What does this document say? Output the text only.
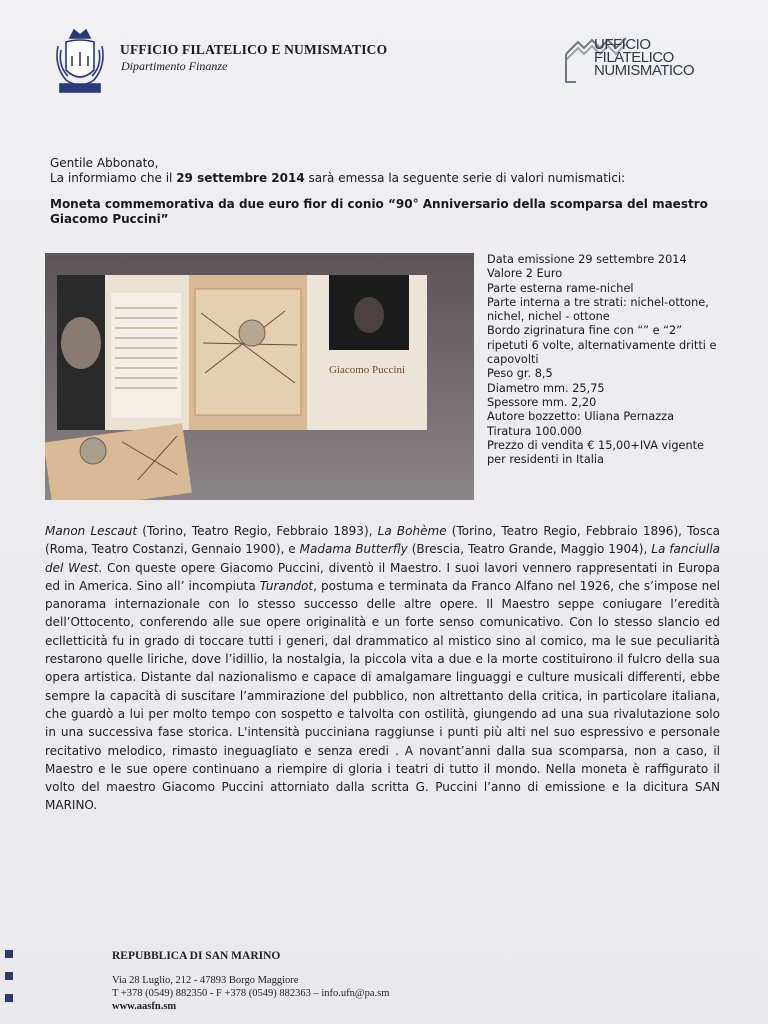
UFFICIO FILATELICO E NUMISMATICO
Dipartimento Finanze
UFFICIO
FILATELICO
NUMISMATICO
Gentile Abbonato,
La informiamo che il 29 settembre 2014 sarà emessa la seguente serie di valori numismatici:
Moneta commemorativa da due euro fior di conio “90° Anniversario della scomparsa del maestro Giacomo Puccini”
Giacomo Puccini
Data emissione 29 settembre 2014
Valore 2 Euro
Parte esterna rame-nichel
Parte interna a tre strati: nichel-ottone, nichel, nichel - ottone
Bordo zigrinatura fine con “” e “2” ripetuti 6 volte, alternativamente dritti e capovolti
Peso gr. 8,5
Diametro mm. 25,75
Spessore mm. 2,20
Autore bozzetto: Uliana Pernazza
Tiratura 100.000
Prezzo di vendita € 15,00+IVA vigente per residenti in Italia
Manon Lescaut (Torino, Teatro Regio, Febbraio 1893), La Bohème (Torino, Teatro Regio, Febbraio 1896), Tosca (Roma, Teatro Costanzi, Gennaio 1900), e Madama Butterfly (Brescia, Teatro Grande, Maggio 1904), La fanciulla del West. Con queste opere Giacomo Puccini, diventò il Maestro. I suoi lavori vennero rappresentati in Europa ed in America. Sino all’ incompiuta Turandot, postuma e terminata da Franco Alfano nel 1926, che s’impose nel panorama internazionale con lo stesso successo delle altre opere. Il Maestro seppe coniugare l’eredità dell’Ottocento, conferendo alle sue opere originalità e un forte senso comunicativo. Con lo stesso slancio ed eclletticità fu in grado di toccare tutti i generi, dal drammatico al mistico sino al comico, ma le sue peculiarità restarono quelle liriche, dove l’idillio, la nostalgia, la piccola vita a due e la morte costituirono il fulcro della sua opera artistica. Distante dal nazionalismo e capace di amalgamare linguaggi e culture musicali differenti, ebbe sempre la capacità di suscitare l’ammirazione del pubblico, non altrettanto della critica, in particolare italiana, che guardò a lui per molto tempo con sospetto e talvolta con ostilità, giungendo ad una sua rivalutazione solo in una successiva fase storica. L'intensità pucciniana raggiunse i punti più alti nel suo espressivo e personale recitativo melodico, rimasto ineguagliato e senza eredi . A novant’anni dalla sua scomparsa, non a caso, il Maestro e le sue opere continuano a riempire di gloria i teatri di tutto il mondo. Nella moneta è raffigurato il volto del maestro Giacomo Puccini attorniato dalla scritta G. Puccini l’anno di emissione e la dicitura SAN MARINO.
REPUBBLICA DI SAN MARINO
Via 28 Luglio, 212 - 47893 Borgo Maggiore
T +378 (0549) 882350 - F +378 (0549) 882363 – info.ufn@pa.sm
www.aasfn.sm
